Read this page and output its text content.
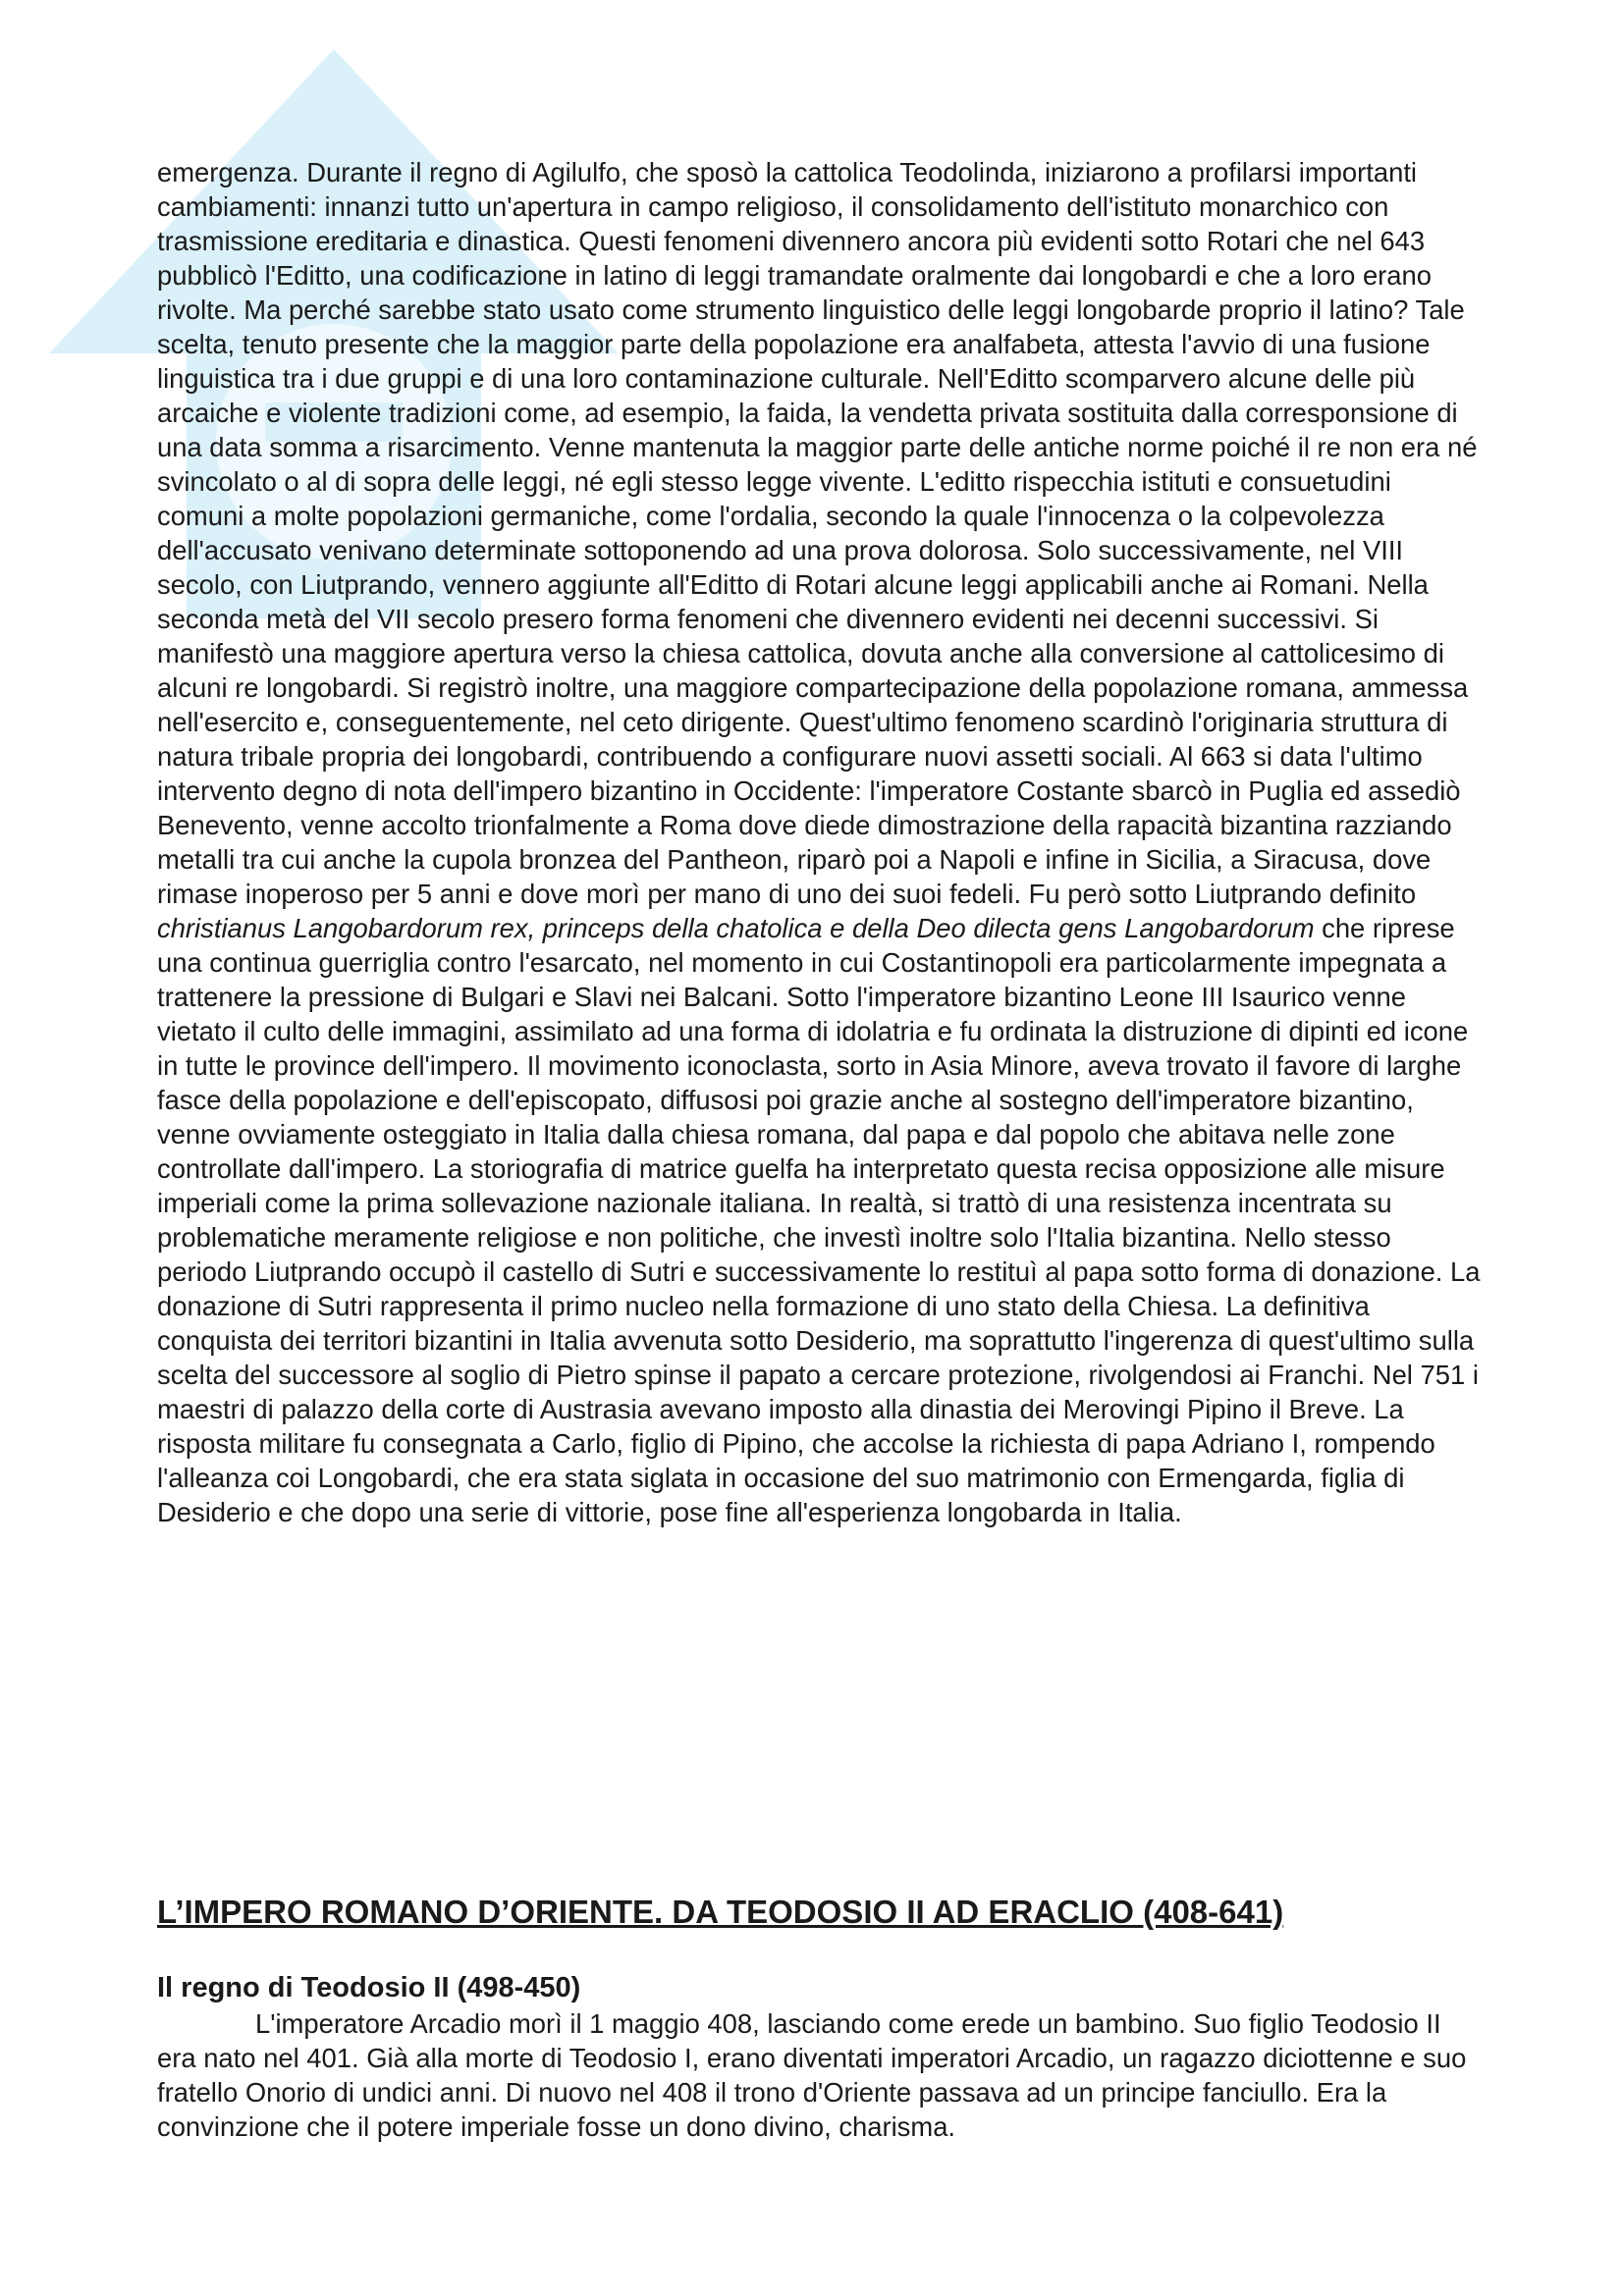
emergenza. Durante il regno di Agilulfo, che sposò la cattolica Teodolinda, iniziarono a profilarsi importanti cambiamenti: innanzi tutto un'apertura in campo religioso, il consolidamento dell'istituto monarchico con trasmissione ereditaria e dinastica. Questi fenomeni divennero ancora più evidenti sotto Rotari che nel 643 pubblicò l'Editto, una codificazione in latino di leggi tramandate oralmente dai longobardi e che a loro erano rivolte. Ma perché sarebbe stato usato come strumento linguistico delle leggi longobarde proprio il latino? Tale scelta, tenuto presente che la maggior parte della popolazione era analfabeta, attesta l'avvio di una fusione linguistica tra i due gruppi e di una loro contaminazione culturale. Nell'Editto scomparvero alcune delle più arcaiche e violente tradizioni come, ad esempio, la faida, la vendetta privata sostituita dalla corresponsione di una data somma a risarcimento. Venne mantenuta la maggior parte delle antiche norme poiché il re non era né svincolato o al di sopra delle leggi, né egli stesso legge vivente. L'editto rispecchia istituti e consuetudini comuni a molte popolazioni germaniche, come l'ordalia, secondo la quale l'innocenza o la colpevolezza dell'accusato venivano determinate sottoponendo ad una prova dolorosa. Solo successivamente, nel VIII secolo, con Liutprando, vennero aggiunte all'Editto di Rotari alcune leggi applicabili anche ai Romani. Nella seconda metà del VII secolo presero forma fenomeni che divennero evidenti nei decenni successivi. Si manifestò una maggiore apertura verso la chiesa cattolica, dovuta anche alla conversione al cattolicesimo di alcuni re longobardi. Si registrò inoltre, una maggiore compartecipazione della popolazione romana, ammessa nell'esercito e, conseguentemente, nel ceto dirigente. Quest'ultimo fenomeno scardinò l'originaria struttura di natura tribale propria dei longobardi, contribuendo a configurare nuovi assetti sociali. Al 663 si data l'ultimo intervento degno di nota dell'impero bizantino in Occidente: l'imperatore Costante sbarcò in Puglia ed assediò Benevento, venne accolto trionfalmente a Roma dove diede dimostrazione della rapacità bizantina razziando metalli tra cui anche la cupola bronzea del Pantheon, riparò poi a Napoli e infine in Sicilia, a Siracusa, dove rimase inoperoso per 5 anni e dove morì per mano di uno dei suoi fedeli. Fu però sotto Liutprando definito christianus Langobardorum rex, princeps della chatolica e della Deo dilecta gens Langobardorum che riprese una continua guerriglia contro l'esarcato, nel momento in cui Costantinopoli era particolarmente impegnata a trattenere la pressione di Bulgari e Slavi nei Balcani. Sotto l'imperatore bizantino Leone III Isaurico venne vietato il culto delle immagini, assimilato ad una forma di idolatria e fu ordinata la distruzione di dipinti ed icone in tutte le province dell'impero. Il movimento iconoclasta, sorto in Asia Minore, aveva trovato il favore di larghe fasce della popolazione e dell'episcopato, diffusosi poi grazie anche al sostegno dell'imperatore bizantino, venne ovviamente osteggiato in Italia dalla chiesa romana, dal papa e dal popolo che abitava nelle zone controllate dall'impero. La storiografia di matrice guelfa ha interpretato questa recisa opposizione alle misure imperiali come la prima sollevazione nazionale italiana. In realtà, si trattò di una resistenza incentrata su problematiche meramente religiose e non politiche, che investì inoltre solo l'Italia bizantina. Nello stesso periodo Liutprando occupò il castello di Sutri e successivamente lo restituì al papa sotto forma di donazione. La donazione di Sutri rappresenta il primo nucleo nella formazione di uno stato della Chiesa. La definitiva conquista dei territori bizantini in Italia avvenuta sotto Desiderio, ma soprattutto l'ingerenza di quest'ultimo sulla scelta del successore al soglio di Pietro spinse il papato a cercare protezione, rivolgendosi ai Franchi. Nel 751 i maestri di palazzo della corte di Austrasia avevano imposto alla dinastia dei Merovingi Pipino il Breve. La risposta militare fu consegnata a Carlo, figlio di Pipino, che accolse la richiesta di papa Adriano I, rompendo l'alleanza coi Longobardi, che era stata siglata in occasione del suo matrimonio con Ermengarda, figlia di Desiderio e che dopo una serie di vittorie, pose fine all'esperienza longobarda in Italia.

L’IMPERO ROMANO D’ORIENTE. DA TEODOSIO II AD ERACLIO (408-641)
Il regno di Teodosio II (498-450)

L'imperatore Arcadio morì il 1 maggio 408, lasciando come erede un bambino. Suo figlio Teodosio II era nato nel 401. Già alla morte di Teodosio I, erano diventati imperatori Arcadio, un ragazzo diciottenne e suo fratello Onorio di undici anni. Di nuovo nel 408 il trono d'Oriente passava ad un principe fanciullo. Era la convinzione che il potere imperiale fosse un dono divino, charisma.
